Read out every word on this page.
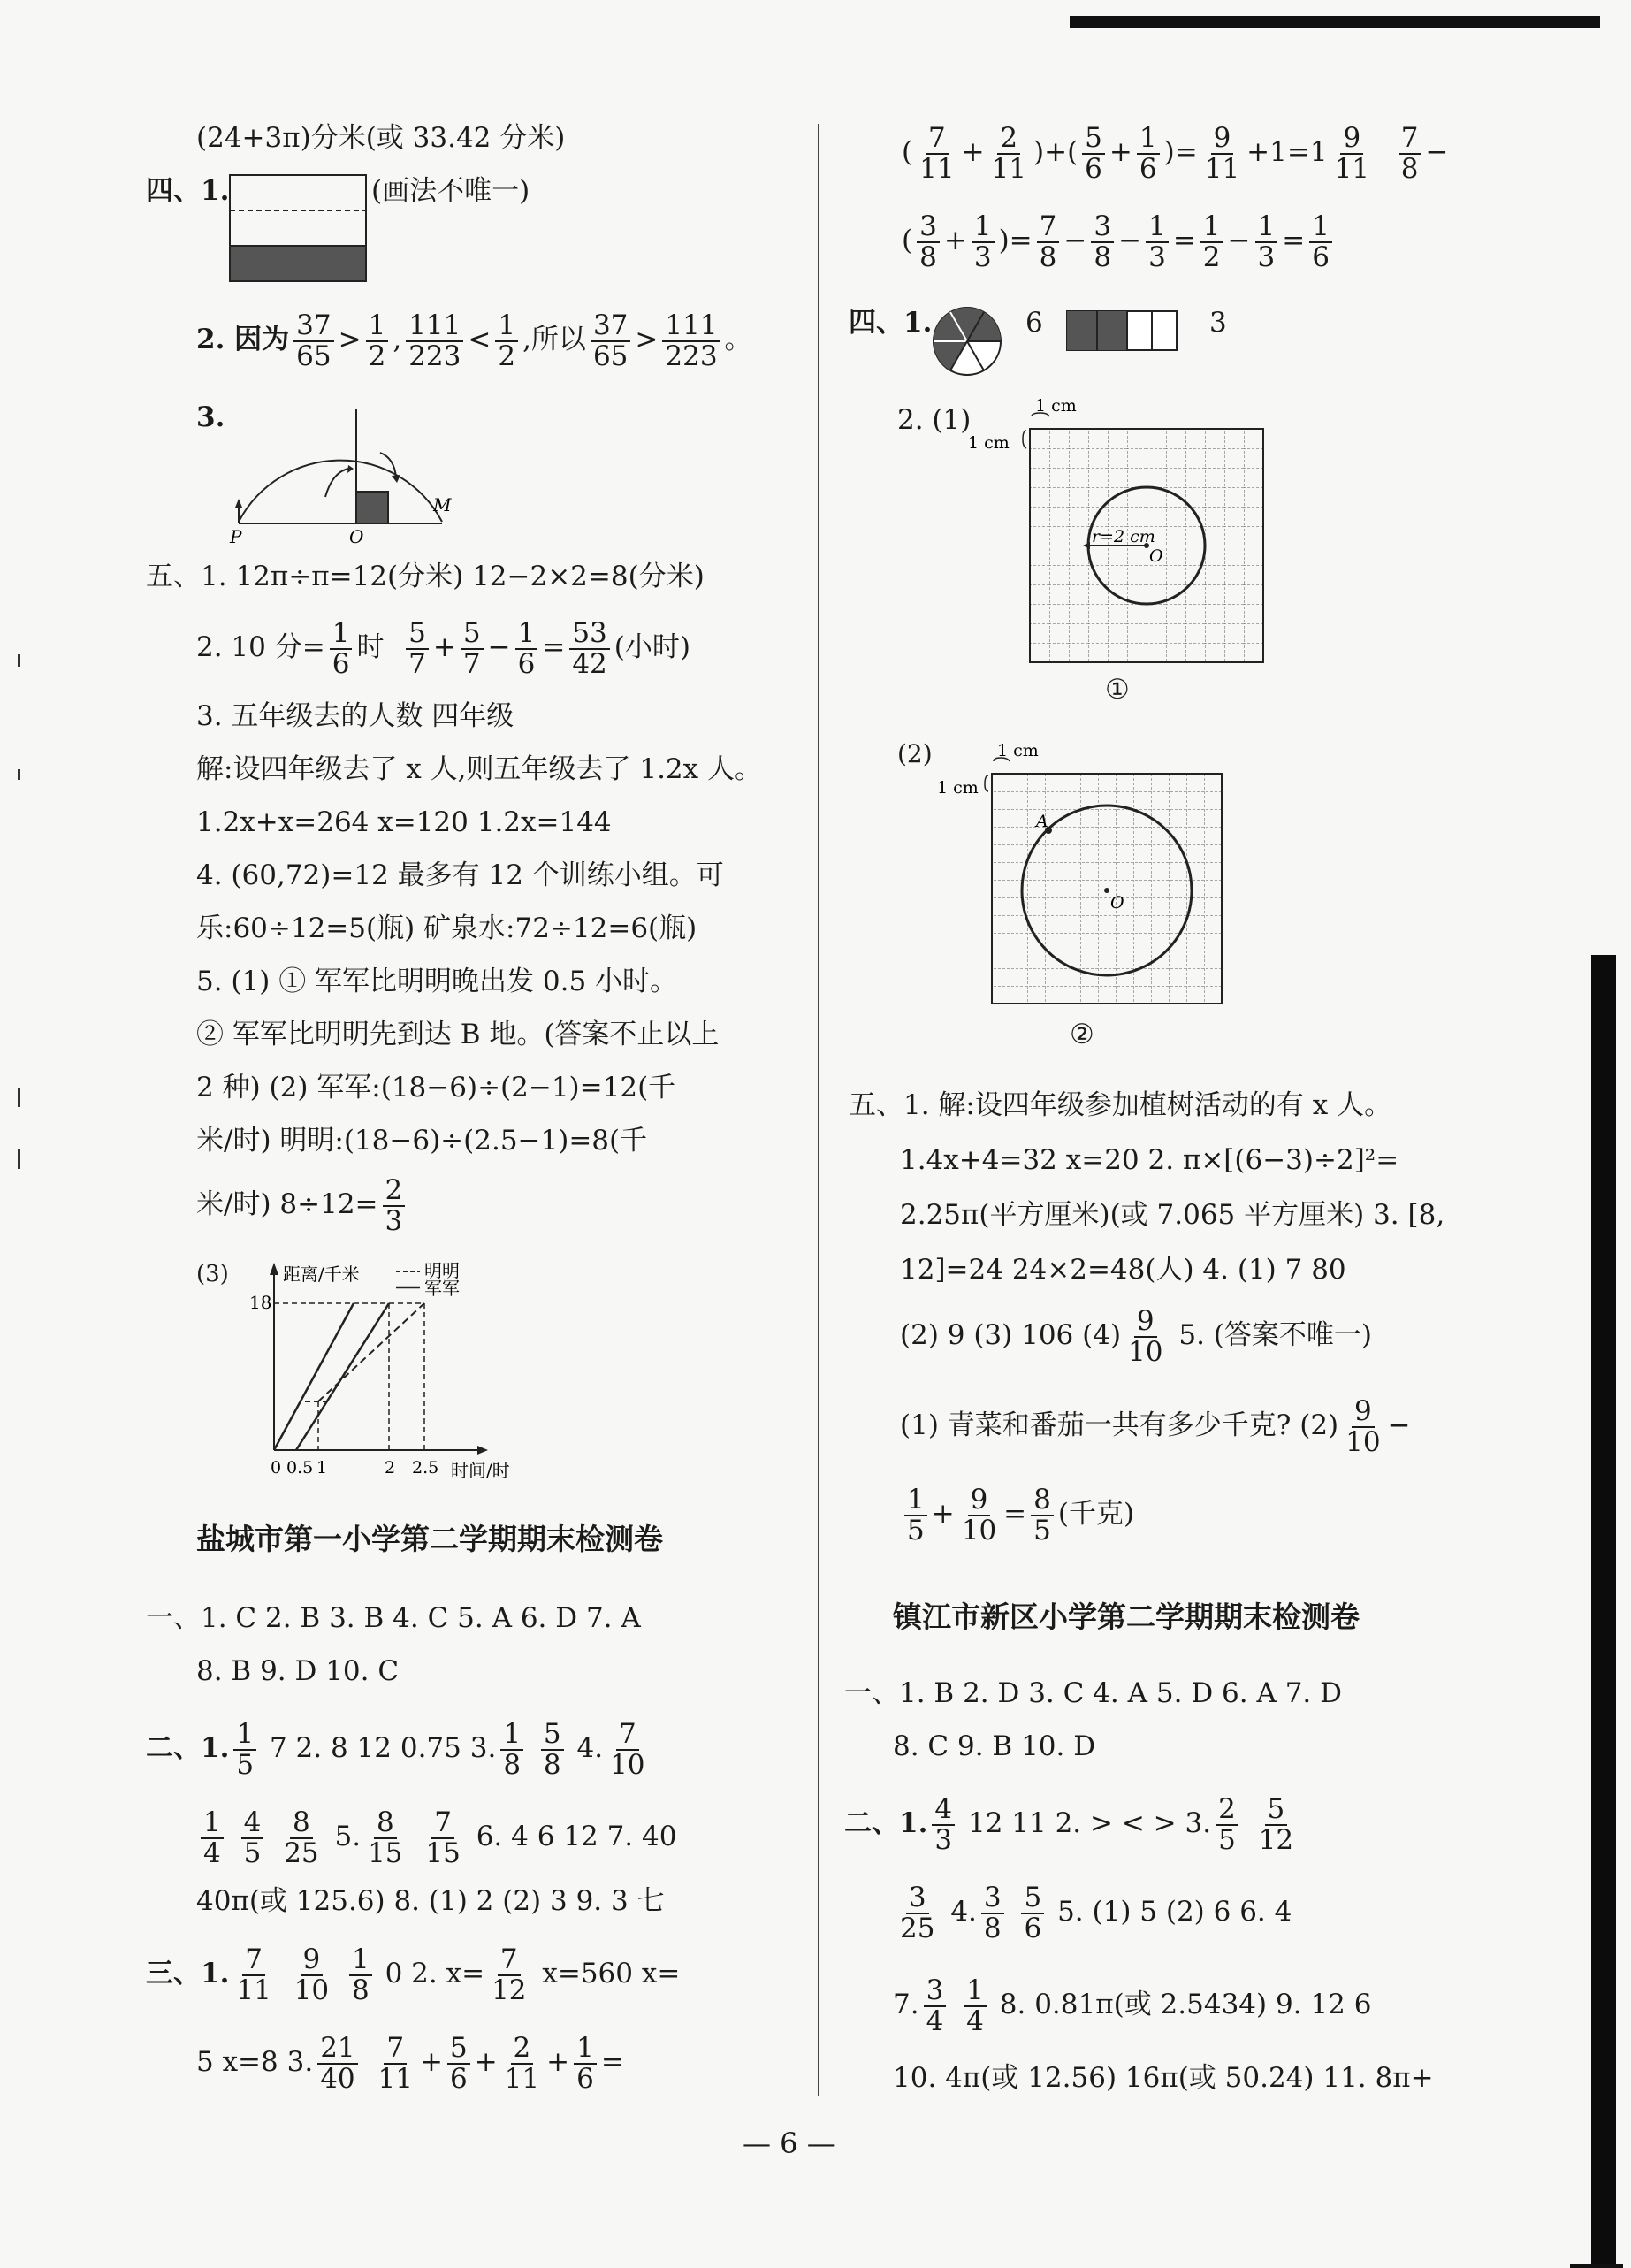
(24+3π)分米(或 33.42 分米)
四、1.	(画法不唯一)
2. 因为 $\frac{37}{65} > \frac{1}{2}$ , $\frac{111}{223} < \frac{1}{2}$ ,所以 $\frac{37}{65} > \frac{111}{223}$ 。
3.
P	O
M
五、1. 12π÷π=12(分米) 12−2×2=8(分米)
2. 10 分= $\frac{1}{6}$ 时 $\frac{5}{7} + \frac{5}{7} - \frac{1}{6} = \frac{53}{42}$ (小时)
3. 五年级去的人数 四年级
解:设四年级去了 x 人,则五年级去了 1.2x 人。
1.2x+x=264 x=120 1.2x=144
4. (60,72)=12 最多有 12 个训练小组。可
乐:60÷12=5(瓶) 矿泉水:72÷12=6(瓶)
5. (1) ① 军军比明明晚出发 0.5 小时。
② 军军比明明先到达 B 地。(答案不止以上
2 种) (2) 军军:(18−6)÷(2−1)=12(千
米/时) 明明:(18−6)÷(2.5−1)=8(千
米/时) $8\div 12= \frac{2}{3}$
(3)	距离/千米
时间/时
18
明明
军军
0 0.5 1	2 2.5
盐城市第一小学第二学期期末检测卷
一、1. C 2. B 3. B 4. C 5. A 6. D 7. A
8. B 9. D 10. C
二、1. $\frac{1}{5} 7$ 2. 8 12 0.75 3. $\frac{1}{8}$
$\frac{5}{8} 4$. $\frac{7}{10}$
$\frac{1}{4}$
$\frac{4}{5}$
$\frac{8}{25} 5$. $\frac{8}{15}$
$\frac{7}{15} 6$. 4 6 12 7. 40
40π(或 125.6) 8. (1) 2 (2) 3 9. 3 七
三、1. $\frac{7}{11}$
$\frac{9}{10}$
$\frac{1}{8} 0$ 2. $x= \frac{7}{12} x=560$ x=
5 x=8 3. $\frac{21}{40}$
$\frac{7}{11} + \frac{5}{6} + \frac{2}{11} + \frac{1}{6}$ =
( $\frac{7}{11} + \frac{2}{11}$ )+( $\frac{5}{6} + \frac{1}{6}$ )= $\frac{9}{11} +1=1 \frac{9}{11}$
$\frac{7}{8}$ −
( $\frac{3}{8} + \frac{1}{3}$ )= $\frac{7}{8} - \frac{3}{8} - \frac{1}{3} = \frac{1}{2} - \frac{1}{3} = \frac{1}{6}$
四、1.	6	3
2. (1)
r=2 cm
O
1 cm
1 cm
①
(2)
A
O
1 cm
1 cm
②
五、1. 解:设四年级参加植树活动的有 x 人。
1.4x+4=32 x=20 2. π×[(6−3)÷2]²=
2.25π(平方厘米)(或 7.065 平方厘米) 3. [8,
12]=24 24×2=48(人) 4. (1) 7 80
(2) 9 (3) 106 $(4) \frac{9}{10} 5$. (答案不唯一)
(1) 青菜和番茄一共有多少千克? $(2) \frac{9}{10}$ −
$\frac{1}{5} + \frac{9}{10} = \frac{8}{5}$ (千克)
镇江市新区小学第二学期期末检测卷
一、1. B 2. D 3. C 4. A 5. D 6. A 7. D
8. C 9. B 10. D
二、1. $\frac{4}{3} 12$ 11 2. > < > 3. $\frac{2}{5}$
$\frac{5}{12}$
$\frac{3}{25} 4$. $\frac{3}{8}$
$\frac{5}{6} 5$. (1) 5 (2) 6 6. 4
7. $\frac{3}{4}$
$\frac{1}{4} 8$. 0.81π(或 2.5434) 9. 12 6
10. 4π(或 12.56) 16π(或 50.24) 11. 8π+
— 6 —
